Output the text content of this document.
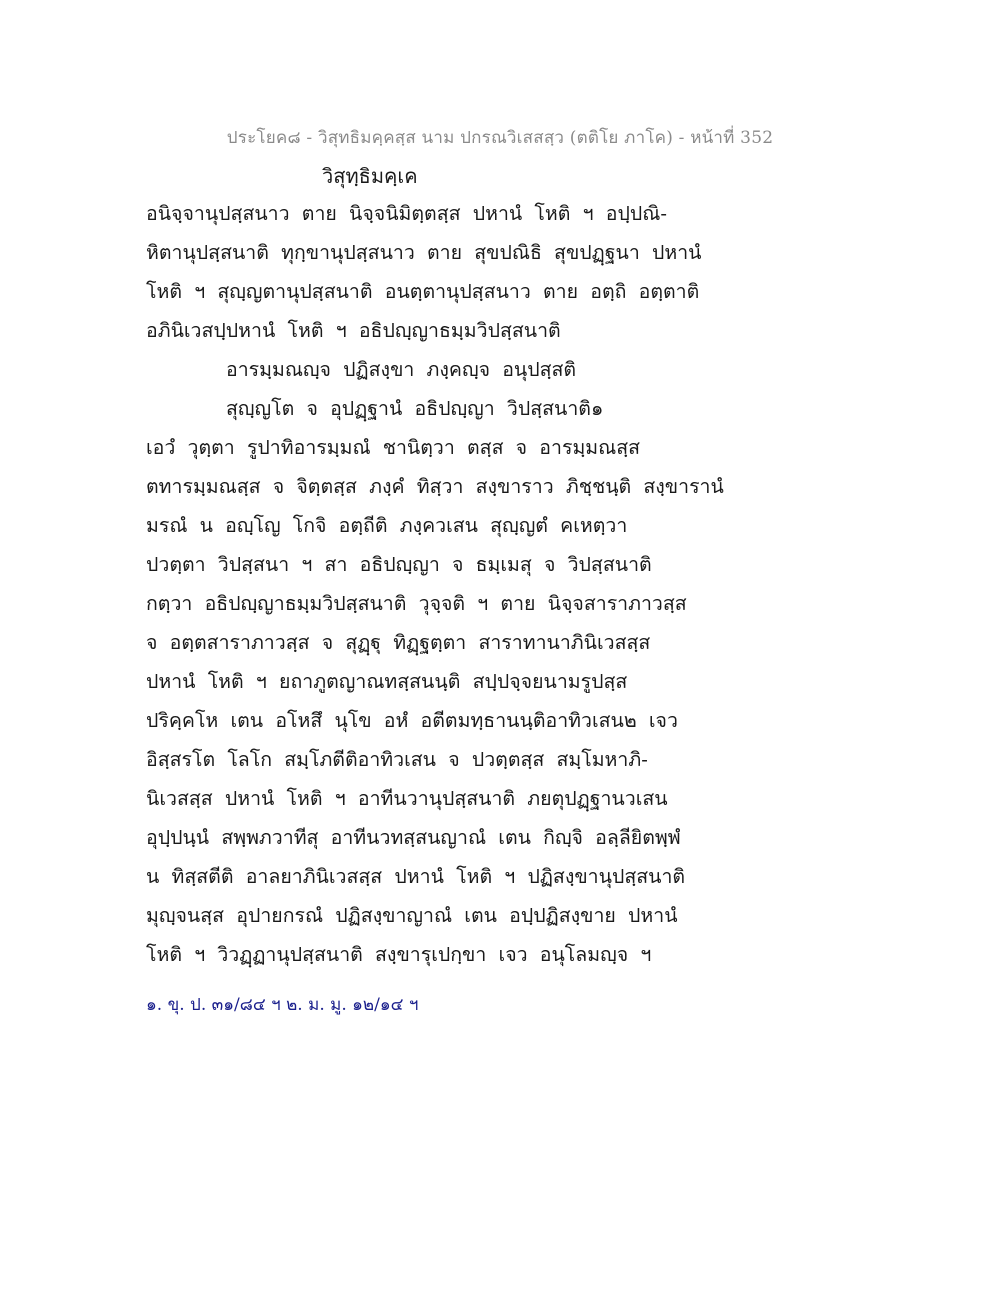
ประโยค๘ - วิสุทธิมคฺคสฺส นาม ปกรณวิเสสสฺว (ตติโย ภาโค) - หน้าที่ 352
วิสุทฺธิมคฺเค
อนิจฺจานุปสฺสนาว ตาย นิจฺจนิมิตฺตสฺส ปหานํ โหติ ฯ อปฺปณิ-
หิตานุปสฺสนาติ ทุกฺขานุปสฺสนาว ตาย สุขปณิธิ สุขปฏฺฐนา ปหานํ
โหติ ฯ สุญฺญตานุปสฺสนาติ อนตฺตานุปสฺสนาว ตาย อตฺถิ อตฺตาติ
อภินิเวสปฺปหานํ โหติ ฯ อธิปญฺญาธมฺมวิปสฺสนาติ
อารมฺมณญฺจ ปฏิสงฺขา ภงฺคญฺจ อนุปสฺสติ
สุญฺญโต จ อุปฏฺฐานํ อธิปญฺญา วิปสฺสนาติ๑
เอวํ วุตฺตา รูปาทิอารมฺมณํ ชานิตฺวา ตสฺส จ อารมฺมณสฺส
ตทารมฺมณสฺส จ จิตฺตสฺส ภงฺคํ ทิสฺวา สงฺขาราว ภิชฺชนฺติ สงฺขารานํ
มรณํ น อญฺโญ โกจิ อตฺถีติ ภงฺควเสน สุญฺญตํ คเหตฺวา
ปวตฺตา วิปสฺสนา ฯ สา อธิปญฺญา จ ธมฺเมสุ จ วิปสฺสนาติ
กตฺวา อธิปญฺญาธมฺมวิปสฺสนาติ วุจฺจติ ฯ ตาย นิจฺจสาราภาวสฺส
จ อตฺตสาราภาวสฺส จ สุฏฺฐุ ทิฏฺฐตฺตา สาราทานาภินิเวสสฺส
ปหานํ โหติ ฯ ยถาภูตญาณทสฺสนนฺติ สปฺปจฺจยนามรูปสฺส
ปริคฺคโห เตน อโหสึ นุโข อหํ อตีตมทฺธานนฺติอาทิวเสน๒ เจว
อิสฺสรโต โลโก สมฺโภตีติอาทิวเสน จ ปวตฺตสฺส สมฺโมหาภิ-
นิเวสสฺส ปหานํ โหติ ฯ อาทีนวานุปสฺสนาติ ภยตุปฏฺฐานวเสน
อุปฺปนฺนํ สพฺพภวาทีสุ อาทีนวทสฺสนญาณํ เตน กิญฺจิ อลฺลียิตพฺพํ
น ทิสฺสตีติ อาลยาภินิเวสสฺส ปหานํ โหติ ฯ ปฏิสงฺขานุปสฺสนาติ
มุญฺจนสฺส อุปายกรณํ ปฏิสงฺขาญาณํ เตน อปฺปฏิสงฺขาย ปหานํ
โหติ ฯ วิวฏฺฏานุปสฺสนาติ สงฺขารุเปกฺขา เจว อนุโลมญฺจ ฯ
๑. ขุ. ป. ๓๑/๘๔ ฯ ๒. ม. มู. ๑๒/๑๔ ฯ
